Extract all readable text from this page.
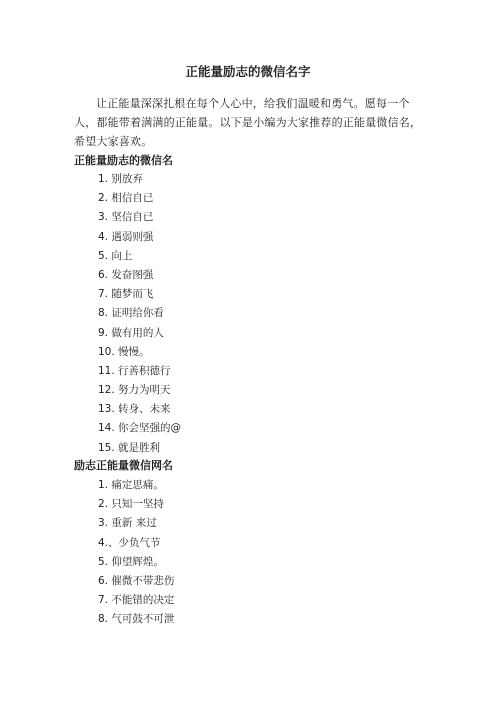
正能量励志的微信名字

让正能量深深扎根在每个人心中，给我们温暖和勇气。愿每一个人，都能带着满满的正能量。以下是小编为大家推荐的正能量微信名，希望大家喜欢。

正能量励志的微信名
1. 别放弃
2. 相信自已
3. 坚信自已
4. 遇弱则强
5. 向上
6. 发奋图强
7. 随梦而飞
8. 证明给你看
9. 做有用的人
10. 慢慢。
11. 行善积德行
12. 努力为明天
13. 转身、未来
14. 你会坚强的@
15. 就是胜利
励志正能量微信网名
1. 痛定思痛。
2. 只知一坚持
3. 重新 来过
4.、少负气节
5. 仰望辉煌。
6. 催微不带悲伤
7. 不能错的决定
8. 气可鼓不可泄
